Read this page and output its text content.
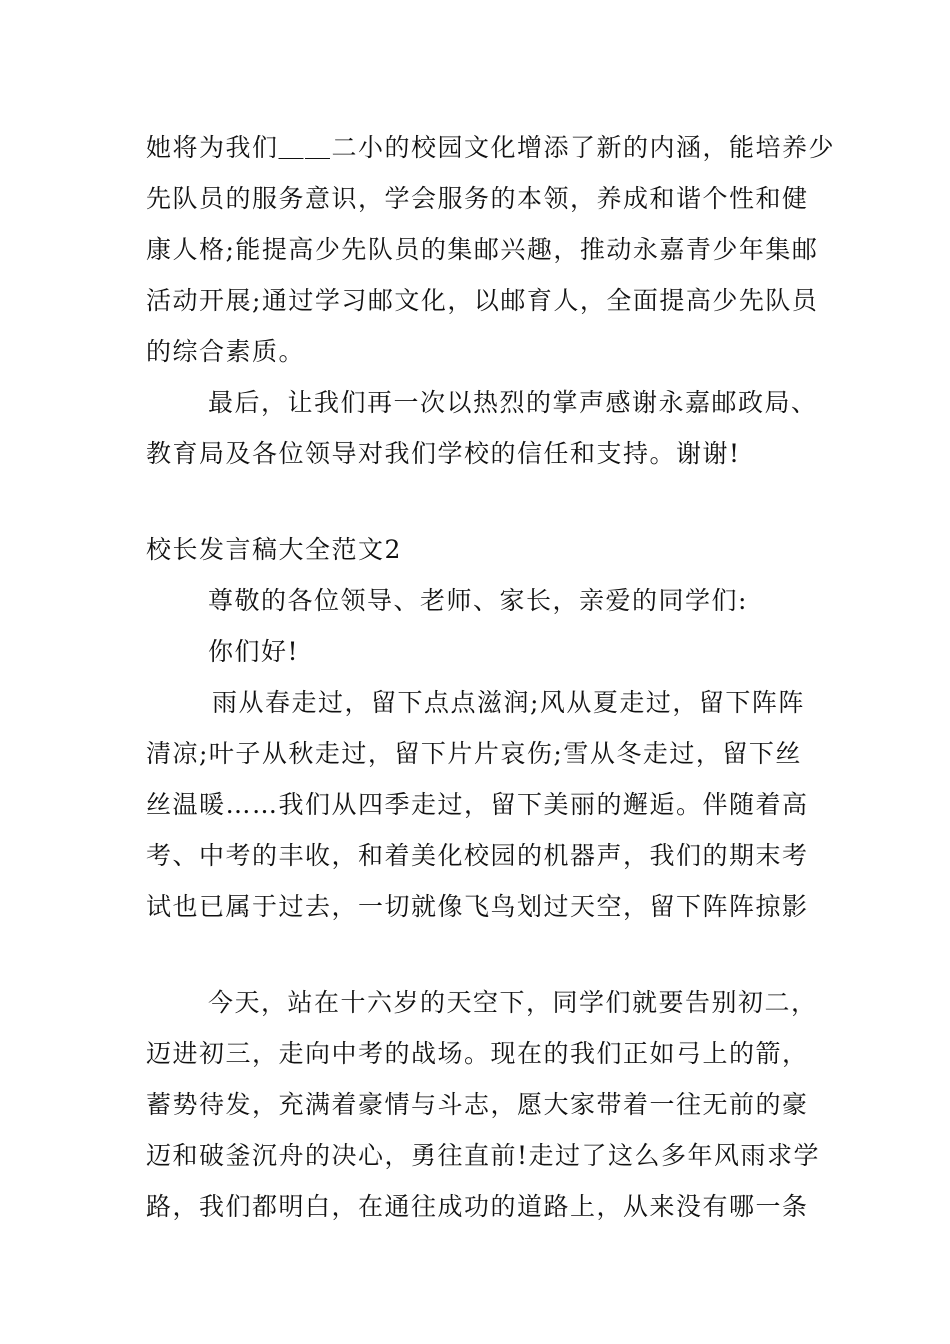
她将为我们＿＿二小的校园文化增添了新的内涵，能培养少
先队员的服务意识，学会服务的本领，养成和谐个性和健
康人格;能提高少先队员的集邮兴趣，推动永嘉青少年集邮
活动开展;通过学习邮文化，以邮育人，全面提高少先队员
的综合素质。
最后，让我们再一次以热烈的掌声感谢永嘉邮政局、
教育局及各位领导对我们学校的信任和支持。谢谢!
校长发言稿大全范文2
尊敬的各位领导、老师、家长，亲爱的同学们:
你们好!
雨从春走过，留下点点滋润;风从夏走过，留下阵阵
清凉;叶子从秋走过，留下片片哀伤;雪从冬走过，留下丝
丝温暖……我们从四季走过，留下美丽的邂逅。伴随着高
考、中考的丰收，和着美化校园的机器声，我们的期末考
试也已属于过去，一切就像飞鸟划过天空，留下阵阵掠影
今天，站在十六岁的天空下，同学们就要告别初二，
迈进初三，走向中考的战场。现在的我们正如弓上的箭，
蓄势待发，充满着豪情与斗志，愿大家带着一往无前的豪
迈和破釜沉舟的决心，勇往直前!走过了这么多年风雨求学
路，我们都明白，在通往成功的道路上，从来没有哪一条
